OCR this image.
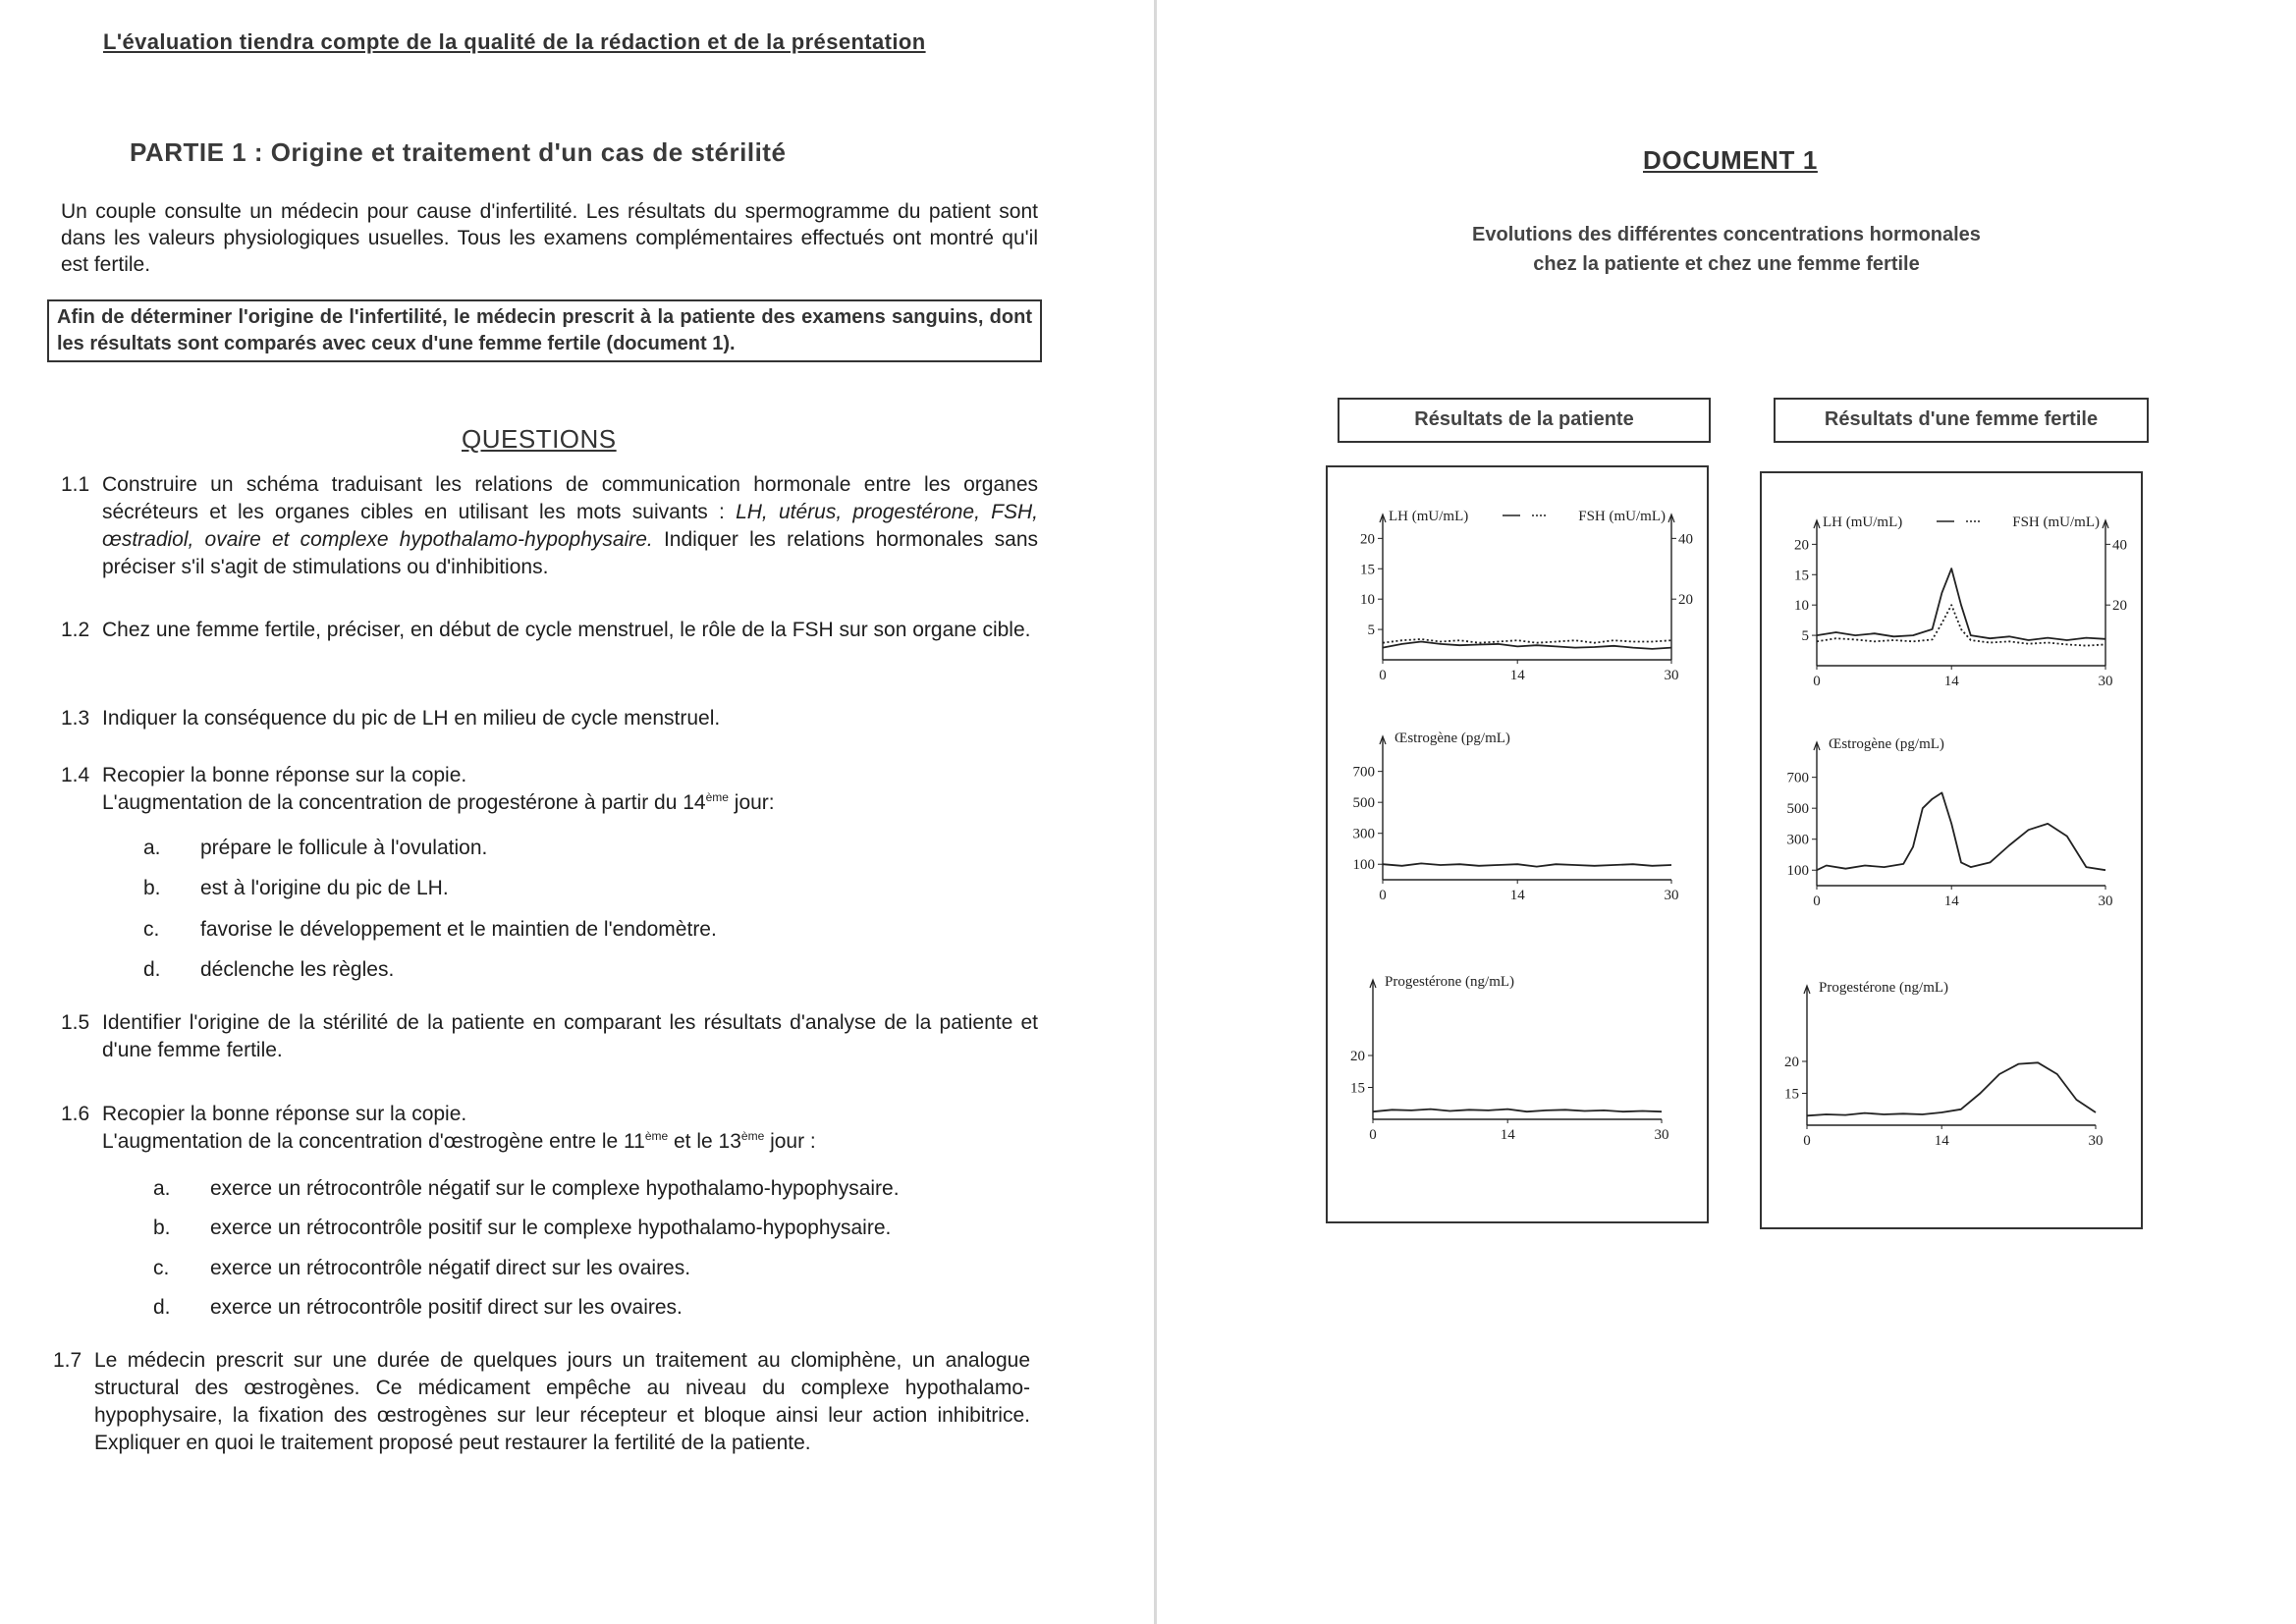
L'évaluation tiendra compte de la qualité de la rédaction et de la présentation
PARTIE 1 : Origine et traitement d'un cas de stérilité
Un couple consulte un médecin pour cause d'infertilité. Les résultats du spermogramme du patient sont dans les valeurs physiologiques usuelles. Tous les examens complémentaires effectués ont montré qu'il est fertile.
Afin de déterminer l'origine de l'infertilité, le médecin prescrit à la patiente des examens sanguins, dont les résultats sont comparés avec ceux d'une femme fertile (document 1).
QUESTIONS
1.1 Construire un schéma traduisant les relations de communication hormonale entre les organes sécréteurs et les organes cibles en utilisant les mots suivants : LH, utérus, progestérone, FSH, œstradiol, ovaire et complexe hypothalamo-hypophysaire. Indiquer les relations hormonales sans préciser s'il s'agit de stimulations ou d'inhibitions.
1.2 Chez une femme fertile, préciser, en début de cycle menstruel, le rôle de la FSH sur son organe cible.
1.3 Indiquer la conséquence du pic de LH en milieu de cycle menstruel.
1.4 Recopier la bonne réponse sur la copie.
L'augmentation de la concentration de progestérone à partir du 14ème jour:
a. prépare le follicule à l'ovulation.
b. est à l'origine du pic de LH.
c. favorise le développement et le maintien de l'endomètre.
d. déclenche les règles.
1.5 Identifier l'origine de la stérilité de la patiente en comparant les résultats d'analyse de la patiente et d'une femme fertile.
1.6 Recopier la bonne réponse sur la copie.
L'augmentation de la concentration d'œstrogène entre le 11ème et le 13ème jour :
a. exerce un rétrocontrôle négatif sur le complexe hypothalamo-hypophysaire.
b. exerce un rétrocontrôle positif sur le complexe hypothalamo-hypophysaire.
c. exerce un rétrocontrôle négatif direct sur les ovaires.
d. exerce un rétrocontrôle positif direct sur les ovaires.
1.7 Le médecin prescrit sur une durée de quelques jours un traitement au clomiphène, un analogue structural des œstrogènes. Ce médicament empêche au niveau du complexe hypothalamo-hypophysaire, la fixation des œstrogènes sur leur récepteur et bloque ainsi leur action inhibitrice. Expliquer en quoi le traitement proposé peut restaurer la fertilité de la patiente.
DOCUMENT 1
Evolutions des différentes concentrations hormonales
chez la patiente et chez une femme fertile
Résultats de la patiente	Résultats d'une femme fertile
0	14	30
5
10
15
20
20
40
LH (mU/mL)	FSH (mU/mL)
0	14	30
100
300
500
700
Œstrogène (pg/mL)
0	14	30
15
20
Progestérone (ng/mL)
0	14	30
5
10
15
20
20
40
LH (mU/mL)	FSH (mU/mL)
0	14	30
100
300
500
700
Œstrogène (pg/mL)
0	14	30
15
20
Progestérone (ng/mL)
